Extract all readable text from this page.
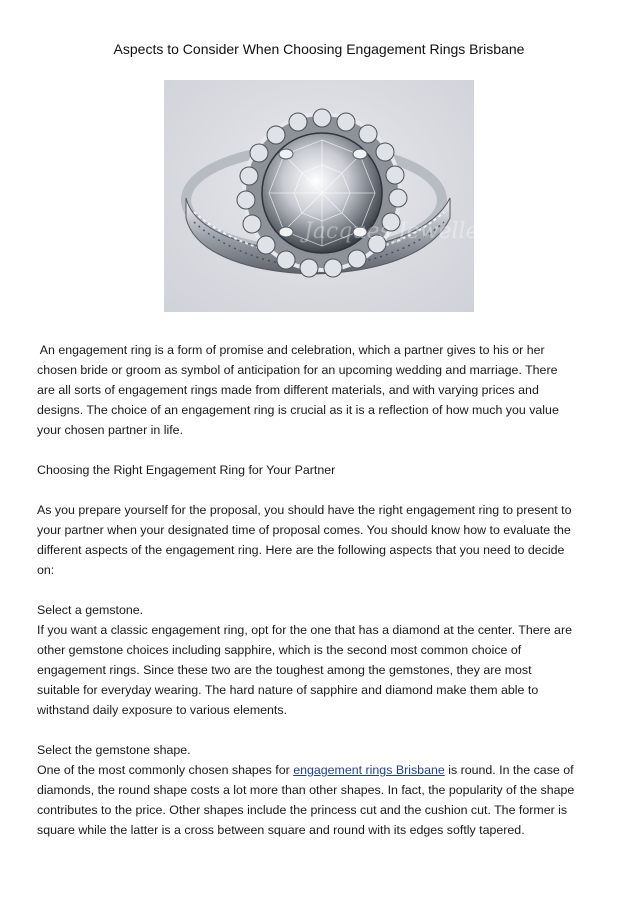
Aspects to Consider When Choosing Engagement Rings Brisbane
Jacques Jewellers
An engagement ring is a form of promise and celebration, which a partner gives to his or her
chosen bride or groom as symbol of anticipation for an upcoming wedding and marriage. There
are all sorts of engagement rings made from different materials, and with varying prices and
designs. The choice of an engagement ring is crucial as it is a reflection of how much you value
your chosen partner in life.
Choosing the Right Engagement Ring for Your Partner
As you prepare yourself for the proposal, you should have the right engagement ring to present to
your partner when your designated time of proposal comes. You should know how to evaluate the
different aspects of the engagement ring. Here are the following aspects that you need to decide
on:
Select a gemstone.
If you want a classic engagement ring, opt for the one that has a diamond at the center. There are
other gemstone choices including sapphire, which is the second most common choice of
engagement rings. Since these two are the toughest among the gemstones, they are most
suitable for everyday wearing. The hard nature of sapphire and diamond make them able to
withstand daily exposure to various elements.
Select the gemstone shape.
One of the most commonly chosen shapes for engagement rings Brisbane is round. In the case of
diamonds, the round shape costs a lot more than other shapes. In fact, the popularity of the shape
contributes to the price. Other shapes include the princess cut and the cushion cut. The former is
square while the latter is a cross between square and round with its edges softly tapered.
